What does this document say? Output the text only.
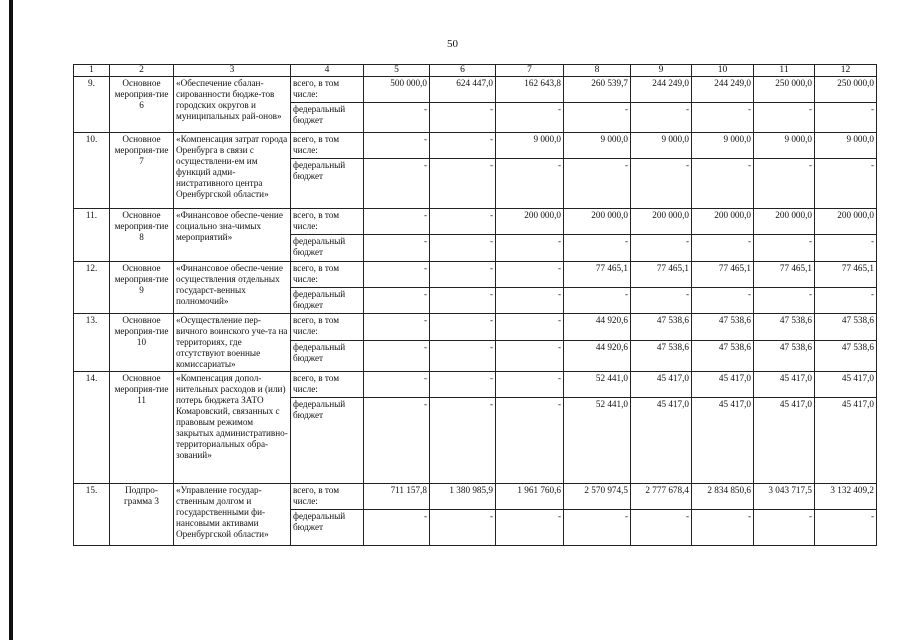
50
1	2	3	4	5	6	7	8	9	10	11	12
9.	Основное мероприя-тие 6	«Обеспечение сбалан-сированности бюдже-тов городских округов и муниципальных рай-онов»	всего, в том числе:	500 000,0	624 447,0	162 643,8	260 539,7	244 249,0	244 249,0	250 000,0	250 000,0
			федеральный бюджет	-	-	-	-	-	-	-	-
10.	Основное мероприя-тие 7	«Компенсация затрат города Оренбурга в связи с осуществлени-ем им функций адми-нистративного центра Оренбургской области»	всего, в том числе:	-	-	9 000,0	9 000,0	9 000,0	9 000,0	9 000,0	9 000,0
			федеральный бюджет	-	-	-	-	-	-	-	-
11.	Основное мероприя-тие 8	«Финансовое обеспе-чение социально зна-чимых мероприятий»	всего, в том числе:	-	-	200 000,0	200 000,0	200 000,0	200 000,0	200 000,0	200 000,0
			федеральный бюджет	-	-	-	-	-	-	-	-
12.	Основное мероприя-тие 9	«Финансовое обеспе-чение осуществления отдельных государст-венных полномочий»	всего, в том числе:	-	-	-	77 465,1	77 465,1	77 465,1	77 465,1	77 465,1
			федеральный бюджет	-	-	-	-	-	-	-	-
13.	Основное мероприя-тие 10	«Осуществление пер-вичного воинского уче-та на территориях, где отсутствуют военные комиссариаты»	всего, в том числе:	-	-	-	44 920,6	47 538,6	47 538,6	47 538,6	47 538,6
			федеральный бюджет	-	-	-	44 920,6	47 538,6	47 538,6	47 538,6	47 538,6
14.	Основное мероприя-тие 11	«Компенсация допол-нительных расходов и (или) потерь бюджета ЗАТО Комаровский, связанных с правовым режимом закрытых административно-территориальных обра-зований»	всего, в том числе:	-	-	-	52 441,0	45 417,0	45 417,0	45 417,0	45 417,0
			федеральный бюджет	-	-	-	52 441,0	45 417,0	45 417,0	45 417,0	45 417,0
15.	Подпро-грамма 3	«Управление государ-ственным долгом и государственными фи-нансовыми активами Оренбургской области»	всего, в том числе:	711 157,8	1 380 985,9	1 961 760,6	2 570 974,5	2 777 678,4	2 834 850,6	3 043 717,5	3 132 409,2
			федеральный бюджет	-	-	-	-	-	-	-	-
